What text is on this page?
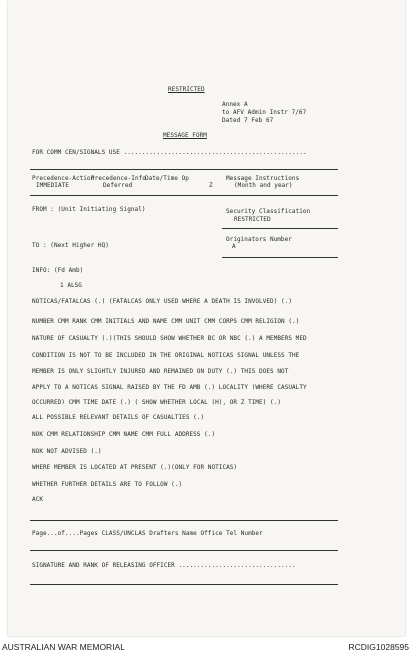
RESTRICTED
Annex A
to AFV Admin Instr 7/67
Dated 7 Feb 67
MESSAGE FORM
FOR COMM CEN/SIGNALS USE ..................................................
Precedence-Action
IMMEDIATE
Precedence-Info
Deferred
Date/Time Op
Z
Message Instructions
(Month and year)
FROM : (Unit Initiating Signal)	Security Classification
RESTRICTED
Originators Number
A
TO : (Next Higher HQ)
INFO: (Fd Amb)
1 ALSG
NOTICAS/FATALCAS (.) (FATALCAS ONLY USED WHERE A DEATH IS INVOLVED) (.)
NUMBER CMM RANK CMM INITIALS AND NAME CMM UNIT CMM CORPS CMM RELIGION (.)
NATURE OF CASUALTY (.)(THIS SHOULD SHOW WHETHER BC OR NBC (.) A MEMBERS MED
CONDITION IS NOT TO BE INCLUDED IN THE ORIGINAL NOTICAS SIGNAL UNLESS THE
MEMBER IS ONLY SLIGHTLY INJURED AND REMAINED ON DUTY (.) THIS DOES NOT
APPLY TO A NOTICAS SIGNAL RAISED BY THE FD AMB (.) LOCALITY (WHERE CASUALTY
OCCURRED) CMM TIME DATE (.) ( SHOW WHETHER LOCAL (H), OR Z TIME) (.)
ALL POSSIBLE RELEVANT DETAILS OF CASUALTIES (.)
NOK CMM RELATIONSHIP CMM NAME CMM FULL ADDRESS (.)
NOK NOT ADVISED (.)
WHERE MEMBER IS LOCATED AT PRESENT (.)(ONLY FOR NOTICAS)
WHETHER FURTHER DETAILS ARE TO FOLLOW (.)
ACK
Page...of....Pages CLASS/UNCLAS Drafters Name Office Tel Number
SIGNATURE AND RANK OF RELEASING OFFICER ................................
AUSTRALIAN WAR MEMORIAL	RCDIG1028595
